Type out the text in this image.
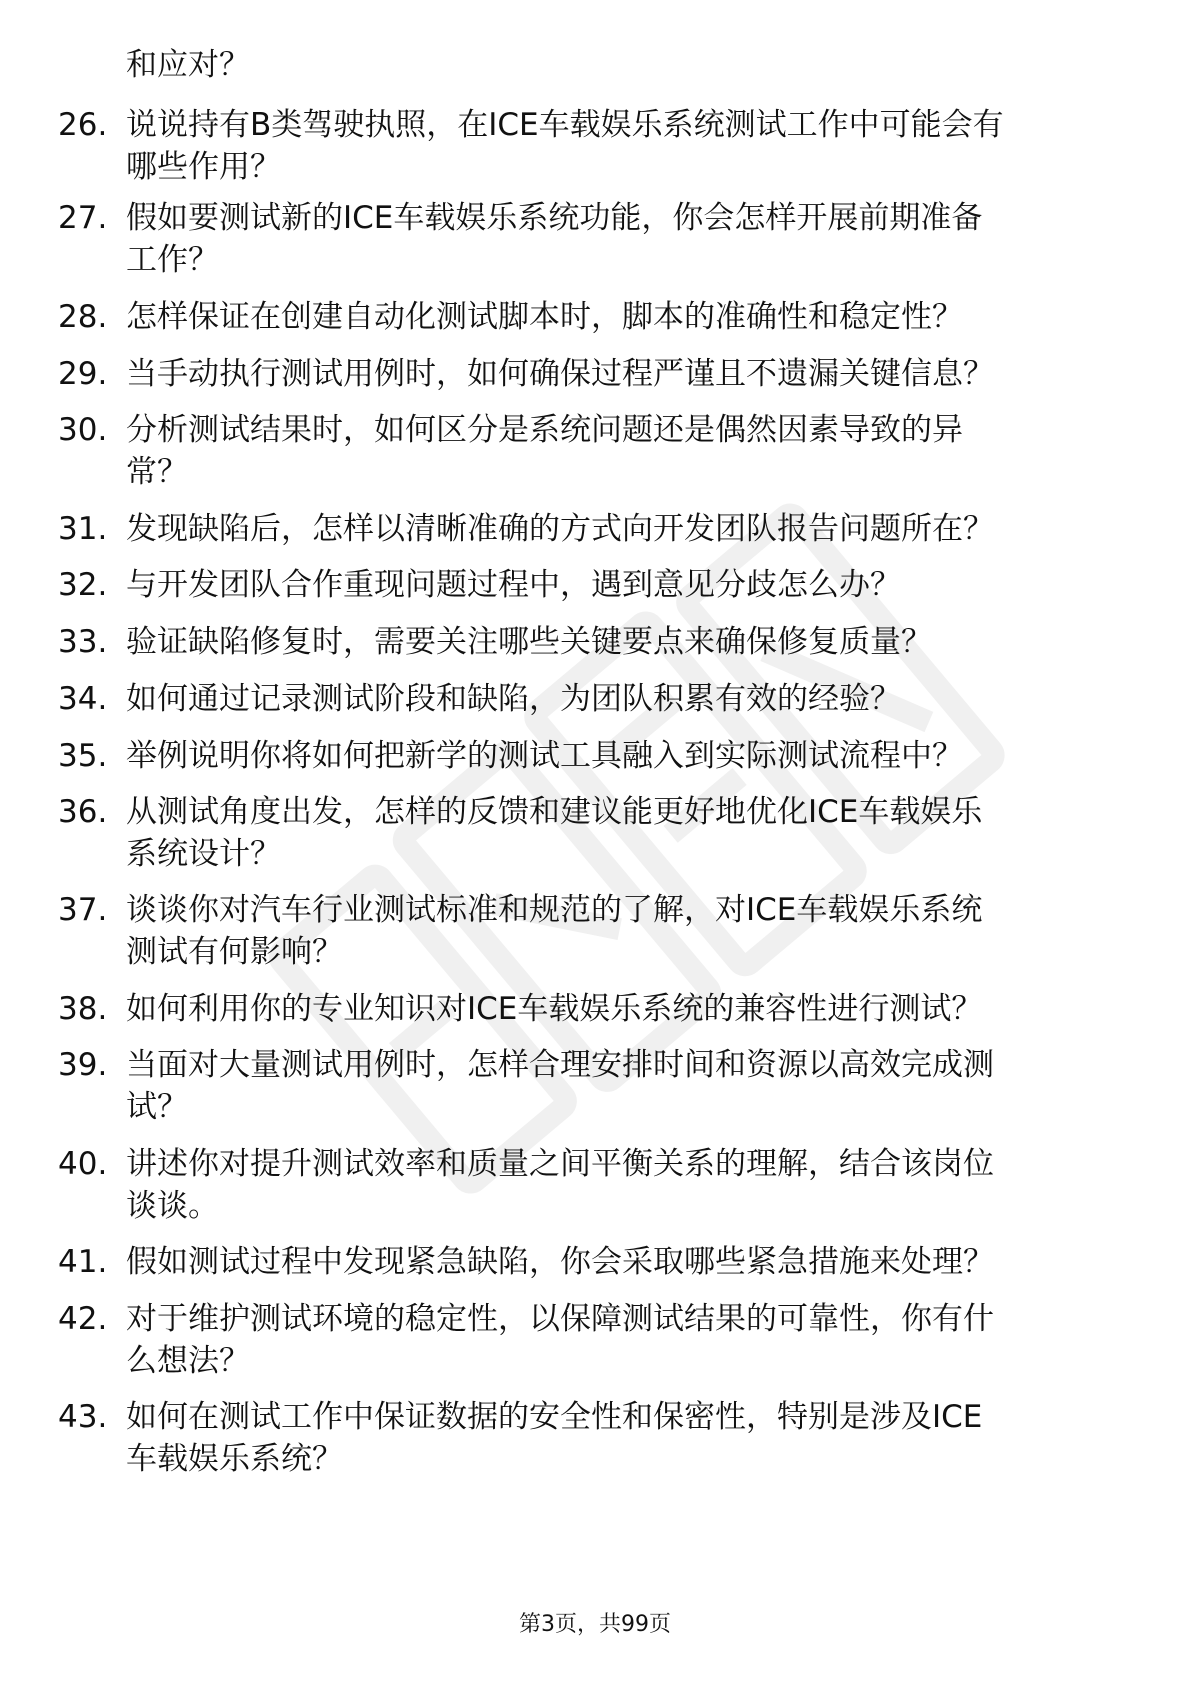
和应对？
26. 说说持有B类驾驶执照，在ICE车载娱乐系统测试工作中可能会有
哪些作用？
27. 假如要测试新的ICE车载娱乐系统功能，你会怎样开展前期准备
工作？
28. 怎样保证在创建自动化测试脚本时，脚本的准确性和稳定性？
29. 当手动执行测试用例时，如何确保过程严谨且不遗漏关键信息？
30. 分析测试结果时，如何区分是系统问题还是偶然因素导致的异
常？
31. 发现缺陷后，怎样以清晰准确的方式向开发团队报告问题所在？
32. 与开发团队合作重现问题过程中，遇到意见分歧怎么办？
33. 验证缺陷修复时，需要关注哪些关键要点来确保修复质量？
34. 如何通过记录测试阶段和缺陷，为团队积累有效的经验？
35. 举例说明你将如何把新学的测试工具融入到实际测试流程中？
36. 从测试角度出发，怎样的反馈和建议能更好地优化ICE车载娱乐
系统设计？
37. 谈谈你对汽车行业测试标准和规范的了解，对ICE车载娱乐系统
测试有何影响？
38. 如何利用你的专业知识对ICE车载娱乐系统的兼容性进行测试？
39. 当面对大量测试用例时，怎样合理安排时间和资源以高效完成测
试？
40. 讲述你对提升测试效率和质量之间平衡关系的理解，结合该岗位
谈谈。
41. 假如测试过程中发现紧急缺陷，你会采取哪些紧急措施来处理？
42. 对于维护测试环境的稳定性，以保障测试结果的可靠性，你有什
么想法？
43. 如何在测试工作中保证数据的安全性和保密性，特别是涉及ICE
车载娱乐系统？
第3页，共99页
